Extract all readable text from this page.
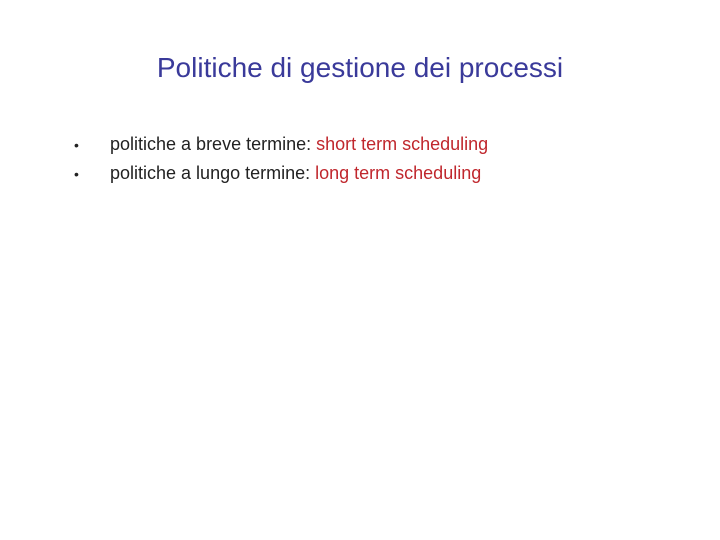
Politiche di gestione dei processi
•	politiche a breve termine: short term scheduling
•	politiche a lungo termine: long term scheduling
